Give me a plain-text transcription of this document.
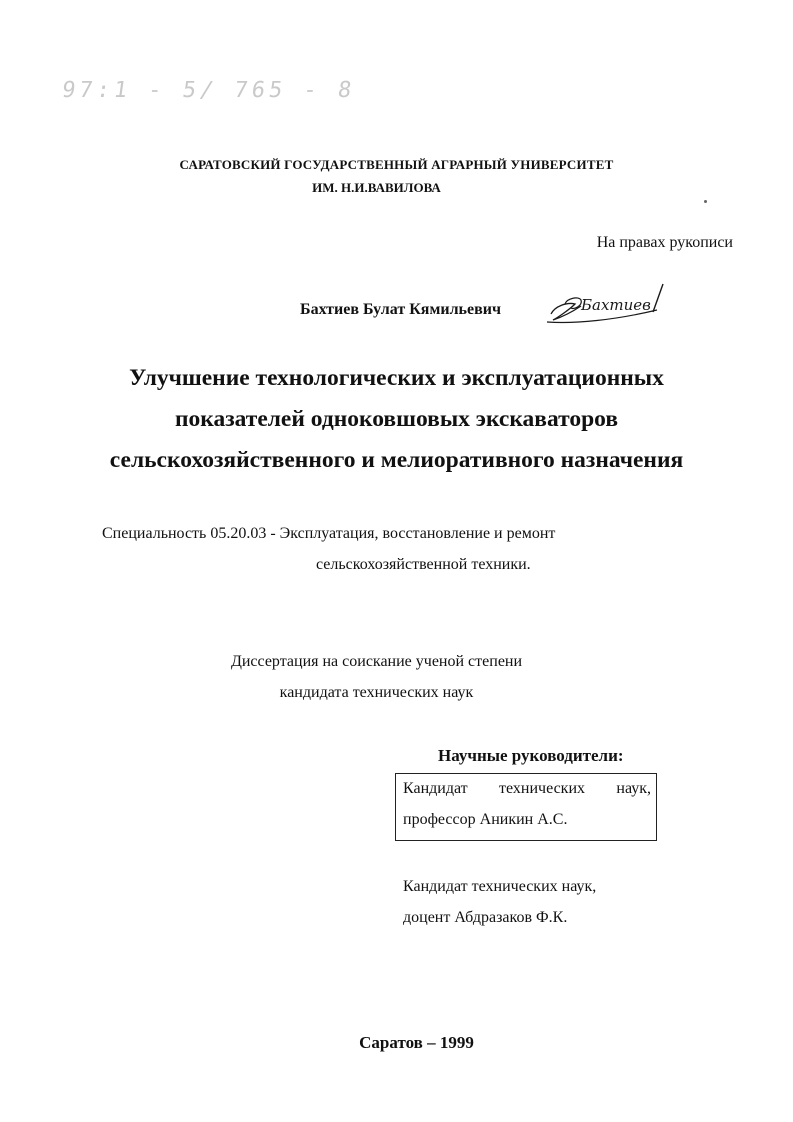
97:1 ‑ 5/ 765 ‑ 8
САРАТОВСКИЙ ГОСУДАРСТВЕННЫЙ АГРАРНЫЙ УНИВЕРСИТЕТ
ИМ. Н.И.ВАВИЛОВА
На правах рукописи
Бахтиев Булат Кямильевич	Бахтиев
Улучшение технологических и эксплуатационных
показателей одноковшовых экскаваторов
сельскохозяйственного и мелиоративного назначения
Специальность 05.20.03 - Эксплуатация, восстановление и ремонт
сельскохозяйственной техники.
Диссертация на соискание ученой степени
кандидата технических наук
Научные руководители:
Кандидат технических наук,
профессор Аникин А.С.
Кандидат технических наук,
доцент Абдразаков Ф.К.
Саратов – 1999
